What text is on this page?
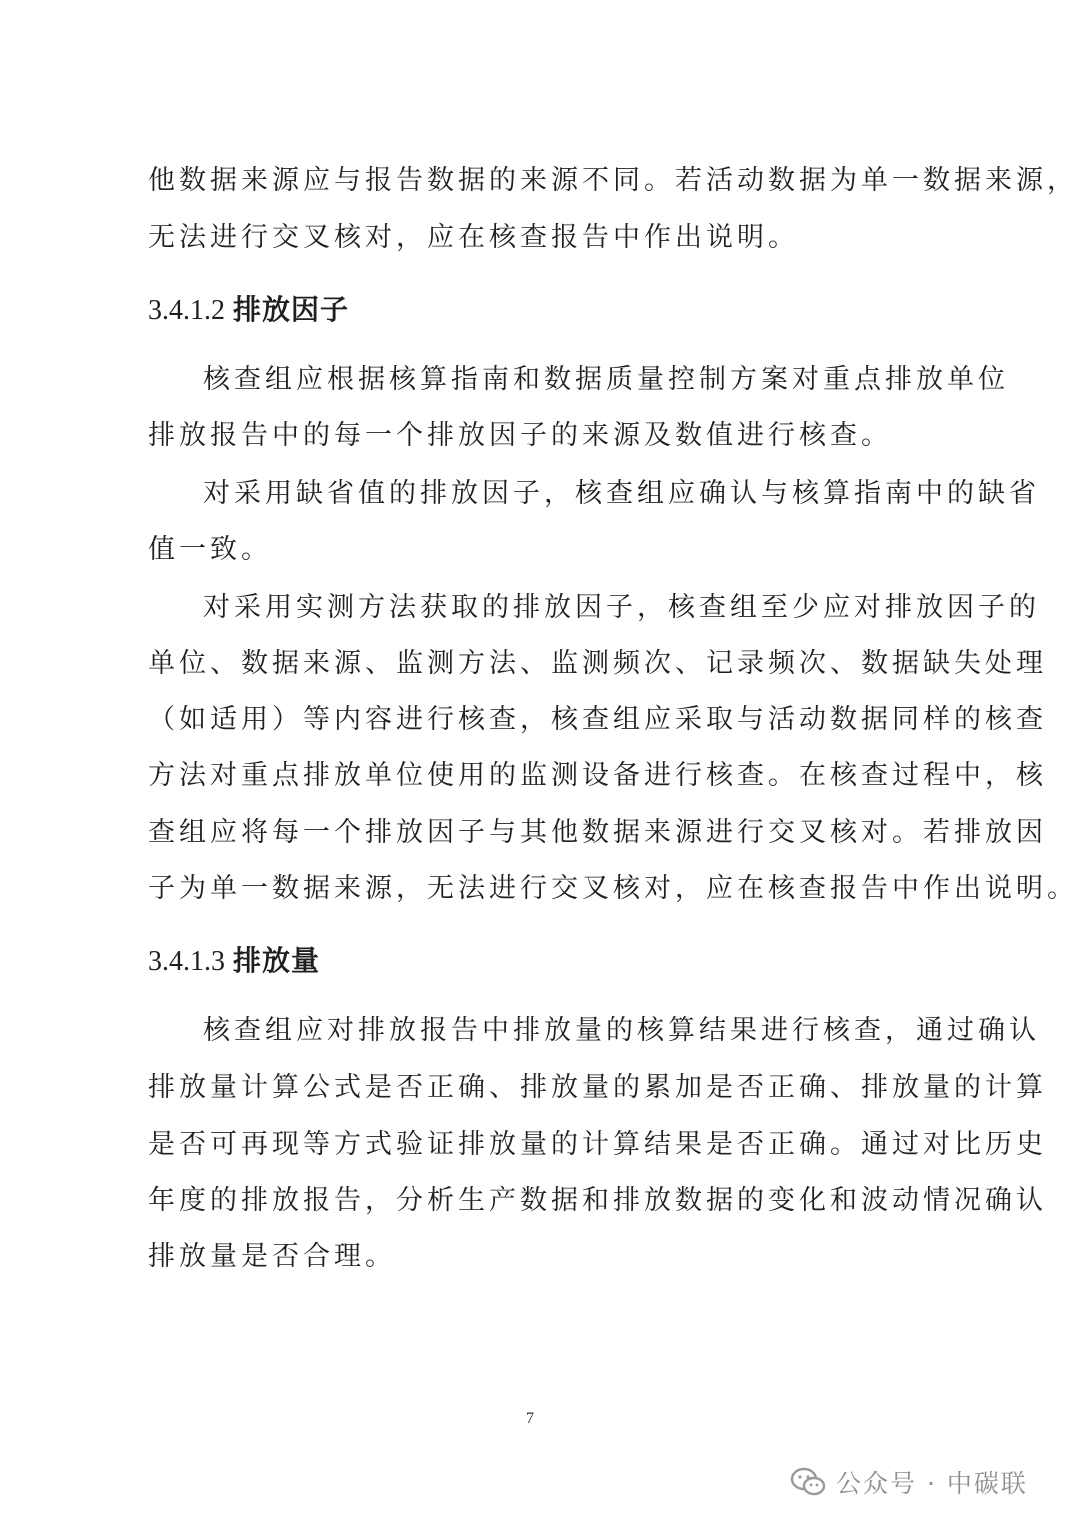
他数据来源应与报告数据的来源不同。若活动数据为单一数据来源，
无法进行交叉核对，应在核查报告中作出说明。
3.4.1.2 排放因子
核查组应根据核算指南和数据质量控制方案对重点排放单位
排放报告中的每一个排放因子的来源及数值进行核查。
对采用缺省值的排放因子，核查组应确认与核算指南中的缺省
值一致。
对采用实测方法获取的排放因子，核查组至少应对排放因子的
单位、数据来源、监测方法、监测频次、记录频次、数据缺失处理
（如适用）等内容进行核查，核查组应采取与活动数据同样的核查
方法对重点排放单位使用的监测设备进行核查。在核查过程中，核
查组应将每一个排放因子与其他数据来源进行交叉核对。若排放因
子为单一数据来源，无法进行交叉核对，应在核查报告中作出说明。
3.4.1.3 排放量
核查组应对排放报告中排放量的核算结果进行核查，通过确认
排放量计算公式是否正确、排放量的累加是否正确、排放量的计算
是否可再现等方式验证排放量的计算结果是否正确。通过对比历史
年度的排放报告，分析生产数据和排放数据的变化和波动情况确认
排放量是否合理。
7
公众号 · 中碳联
